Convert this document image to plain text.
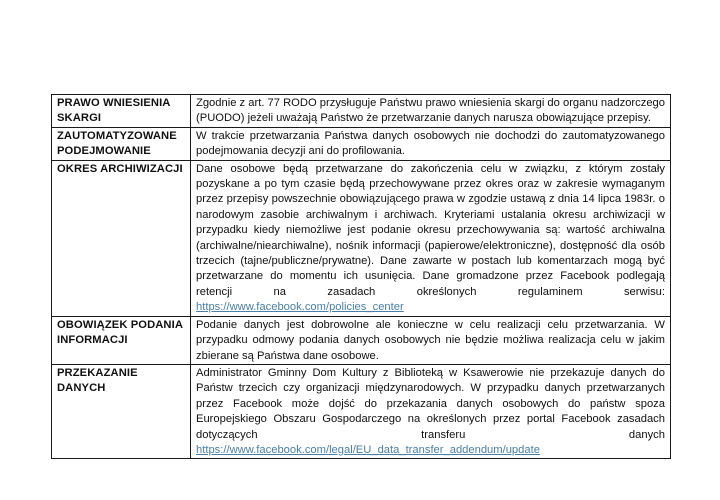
PRAWO WNIESIENIA SKARGI	Zgodnie z art. 77 RODO przysługuje Państwu prawo wniesienia skargi do organu nadzorczego (PUODO) jeżeli uważają Państwo że przetwarzanie danych narusza obowiązujące przepisy.
ZAUTOMATYZOWANE PODEJMOWANIE	W trakcie przetwarzania Państwa danych osobowych nie dochodzi do zautomatyzowanego podejmowania decyzji ani do profilowania.
OKRES ARCHIWIZACJI	Dane osobowe będą przetwarzane do zakończenia celu w związku, z którym zostały pozyskane a po tym czasie będą przechowywane przez okres oraz w zakresie wymaganym przez przepisy powszechnie obowiązującego prawa w zgodzie ustawą z dnia 14 lipca 1983r. o narodowym zasobie archiwalnym i archiwach. Kryteriami ustalania okresu archiwizacji w przypadku kiedy niemożliwe jest podanie okresu przechowywania są: wartość archiwalna (archiwalne/niearchiwalne), nośnik informacji (papierowe/elektroniczne), dostępność dla osób trzecich (tajne/publiczne/prywatne). Dane zawarte w postach lub komentarzach mogą być przetwarzane do momentu ich usunięcia. Dane gromadzone przez Facebook podlegają retencji na zasadach określonych regulaminem serwisu: https://www.facebook.com/policies_center
OBOWIĄZEK PODANIA INFORMACJI	Podanie danych jest dobrowolne ale konieczne w celu realizacji celu przetwarzania. W przypadku odmowy podania danych osobowych nie będzie możliwa realizacja celu w jakim zbierane są Państwa dane osobowe.
PRZEKAZANIE DANYCH	Administrator Gminny Dom Kultury z Biblioteką w Ksawerowie nie przekazuje danych do Państw trzecich czy organizacji międzynarodowych. W przypadku danych przetwarzanych przez Facebook może dojść do przekazania danych osobowych do państw spoza Europejskiego Obszaru Gospodarczego na określonych przez portal Facebook zasadach dotyczących transferu danych https://www.facebook.com/legal/EU_data_transfer_addendum/update
